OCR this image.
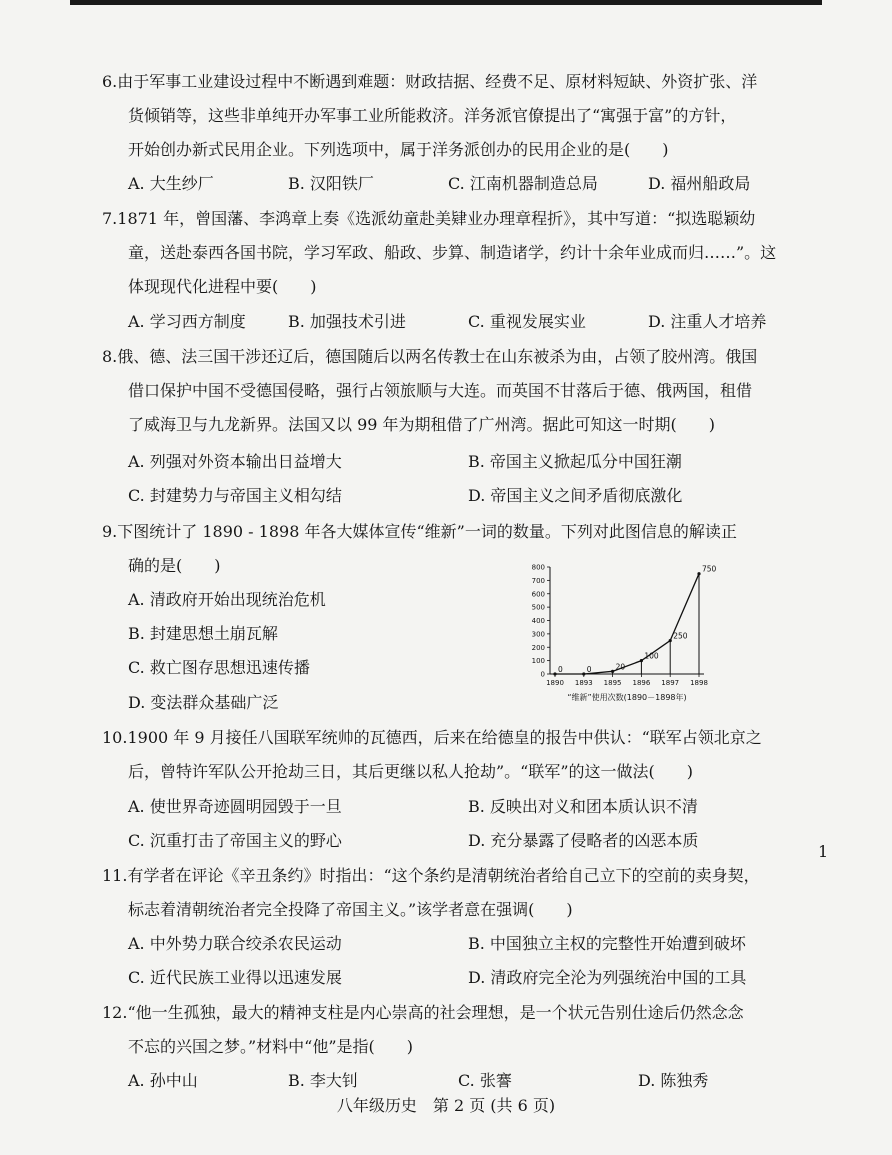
1
6.由于军事工业建设过程中不断遇到难题：财政拮据、经费不足、原材料短缺、外资扩张、洋
货倾销等，这些非单纯开办军事工业所能救济。洋务派官僚提出了“寓强于富”的方针，
开始创办新式民用企业。下列选项中，属于洋务派创办的民用企业的是(　　)
A. 大生纱厂	B. 汉阳铁厂	C. 江南机器制造总局	D. 福州船政局
7.1871 年，曾国藩、李鸿章上奏《选派幼童赴美肄业办理章程折》，其中写道：“拟选聪颖幼
童，送赴泰西各国书院，学习军政、船政、步算、制造诸学，约计十余年业成而归……”。这
体现现代化进程中要(　　)
A. 学习西方制度	B. 加强技术引进	C. 重视发展实业	D. 注重人才培养
8.俄、德、法三国干涉还辽后，德国随后以两名传教士在山东被杀为由，占领了胶州湾。俄国
借口保护中国不受德国侵略，强行占领旅顺与大连。而英国不甘落后于德、俄两国，租借
了威海卫与九龙新界。法国又以 99 年为期租借了广州湾。据此可知这一时期(　　)
A. 列强对外资本输出日益增大	B. 帝国主义掀起瓜分中国狂潮
C. 封建势力与帝国主义相勾结	D. 帝国主义之间矛盾彻底激化
9.下图统计了 1890 - 1898 年各大媒体宣传“维新”一词的数量。下列对此图信息的解读正
确的是(　　)
A. 清政府开始出现统治危机
B. 封建思想土崩瓦解
C. 救亡图存思想迅速传播
D. 变法群众基础广泛
10.1900 年 9 月接任八国联军统帅的瓦德西，后来在给德皇的报告中供认：“联军占领北京之
后，曾特许军队公开抢劫三日，其后更继以私人抢劫”。“联军”的这一做法(　　)
A. 使世界奇迹圆明园毁于一旦	B. 反映出对义和团本质认识不清
C. 沉重打击了帝国主义的野心	D. 充分暴露了侵略者的凶恶本质
11.有学者在评论《辛丑条约》时指出：“这个条约是清朝统治者给自己立下的空前的卖身契，
标志着清朝统治者完全投降了帝国主义。”该学者意在强调(　　)
A. 中外势力联合绞杀农民运动	B. 中国独立主权的完整性开始遭到破坏
C. 近代民族工业得以迅速发展	D. 清政府完全沦为列强统治中国的工具
12.“他一生孤独，最大的精神支柱是内心崇高的社会理想，是一个状元告别仕途后仍然念念
不忘的兴国之梦。”材料中“他”是指(　　)
A. 孙中山	B. 李大钊	C. 张謇	D. 陈独秀
800
700
600
500
400
300
200
100
0
1890 1893 1895 1896 1897 1898
0	0	20
100
250
750
“维新”使用次数(1890－1898年)
八年级历史　第 2 页 (共 6 页)
